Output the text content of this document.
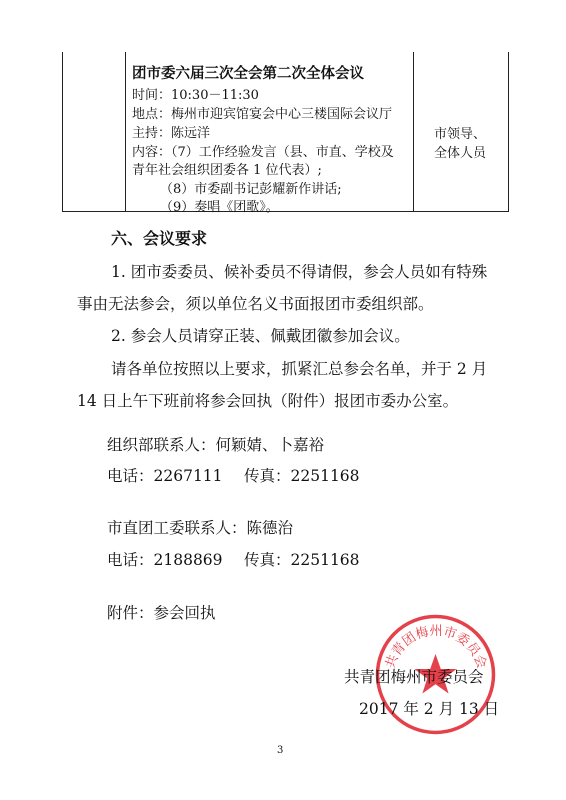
团市委六届三次全会第二次全体会议
时间：10:30－11:30
地点：梅州市迎宾馆宴会中心三楼国际会议厅
主持：陈远洋
内容：（7）工作经验发言（县、市直、学校及
青年社会组织团委各 1 位代表）;
（8）市委副书记彭耀新作讲话;
（9）奏唱《团歌》。
市领导、
全体人员
六、会议要求
1. 团市委委员、候补委员不得请假，参会人员如有特殊
事由无法参会，须以单位名义书面报团市委组织部。
2. 参会人员请穿正装、佩戴团徽参加会议。
请各单位按照以上要求，抓紧汇总参会名单，并于 2 月
14 日上午下班前将参会回执（附件）报团市委办公室。
组织部联系人：何颖婧、卜嘉裕
电话：2267111 传真：2251168
市直团工委联系人：陈德治
电话：2188869 传真：2251168
附件：参会回执
共青团梅州市委员会
共青团梅州市委员会
2017 年 2 月 13 日
3
